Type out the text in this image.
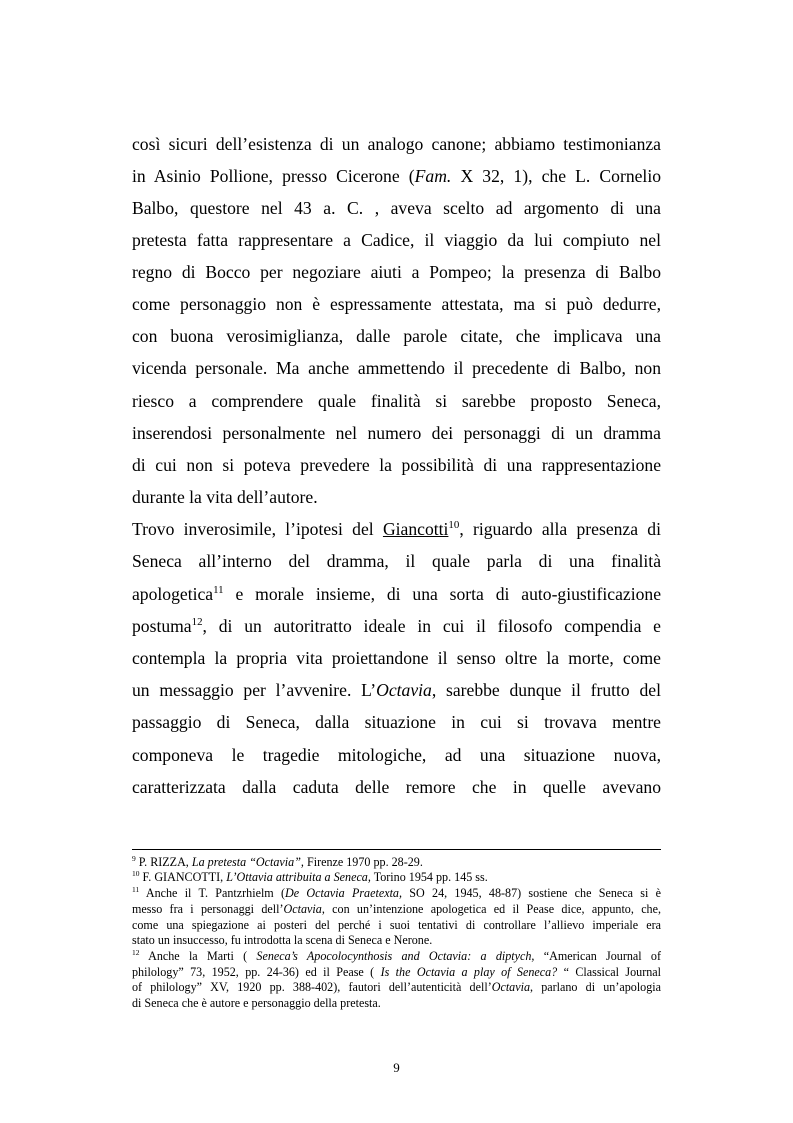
così sicuri dell’esistenza di un analogo canone; abbiamo testimonianza
in Asinio Pollione, presso Cicerone (Fam. X 32, 1), che L. Cornelio
Balbo, questore nel 43 a. C. , aveva scelto ad argomento di una
pretesta fatta rappresentare a Cadice, il viaggio da lui compiuto nel
regno di Bocco per negoziare aiuti a Pompeo; la presenza di Balbo
come personaggio non è espressamente attestata, ma si può dedurre,
con buona verosimiglianza, dalle parole citate, che implicava una
vicenda personale. Ma anche ammettendo il precedente di Balbo, non
riesco a comprendere quale finalità si sarebbe proposto Seneca,
inserendosi personalmente nel numero dei personaggi di un dramma
di cui non si poteva prevedere la possibilità di una rappresentazione
durante la vita dell’autore.
Trovo inverosimile, l’ipotesi del Giancotti$^{10}$, riguardo alla presenza di
Seneca all’interno del dramma, il quale parla di una finalità
apologetica$^{11}$ e morale insieme, di una sorta di auto-giustificazione
postuma$^{12}$, di un autoritratto ideale in cui il filosofo compendia e
contempla la propria vita proiettandone il senso oltre la morte, come
un messaggio per l’avvenire. L’Octavia, sarebbe dunque il frutto del
passaggio di Seneca, dalla situazione in cui si trovava mentre
componeva le tragedie mitologiche, ad una situazione nuova,
caratterizzata dalla caduta delle remore che in quelle avevano
$^9$ P. RIZZA, La pretesta “Octavia”, Firenze 1970 pp. 28-29.
$^{10}$ F. GIANCOTTI, L’Ottavia attribuita a Seneca, Torino 1954 pp. 145 ss.
$^{11}$ Anche il T. Pantzrhielm (De Octavia Praetexta, SO 24, 1945, 48-87) sostiene che Seneca si è
messo fra i personaggi dell’Octavia, con un’intenzione apologetica ed il Pease dice, appunto, che,
come una spiegazione ai posteri del perché i suoi tentativi di controllare l’allievo imperiale era
stato un insuccesso, fu introdotta la scena di Seneca e Nerone.
$^{12}$ Anche la Marti ( Seneca’s Apocolocynthosis and Octavia: a diptych, “American Journal of
philology” 73, 1952, pp. 24-36) ed il Pease ( Is the Octavia a play of Seneca? “ Classical Journal
of philology” XV, 1920 pp. 388-402), fautori dell’autenticità dell’Octavia, parlano di un’apologia
di Seneca che è autore e personaggio della pretesta.
9
